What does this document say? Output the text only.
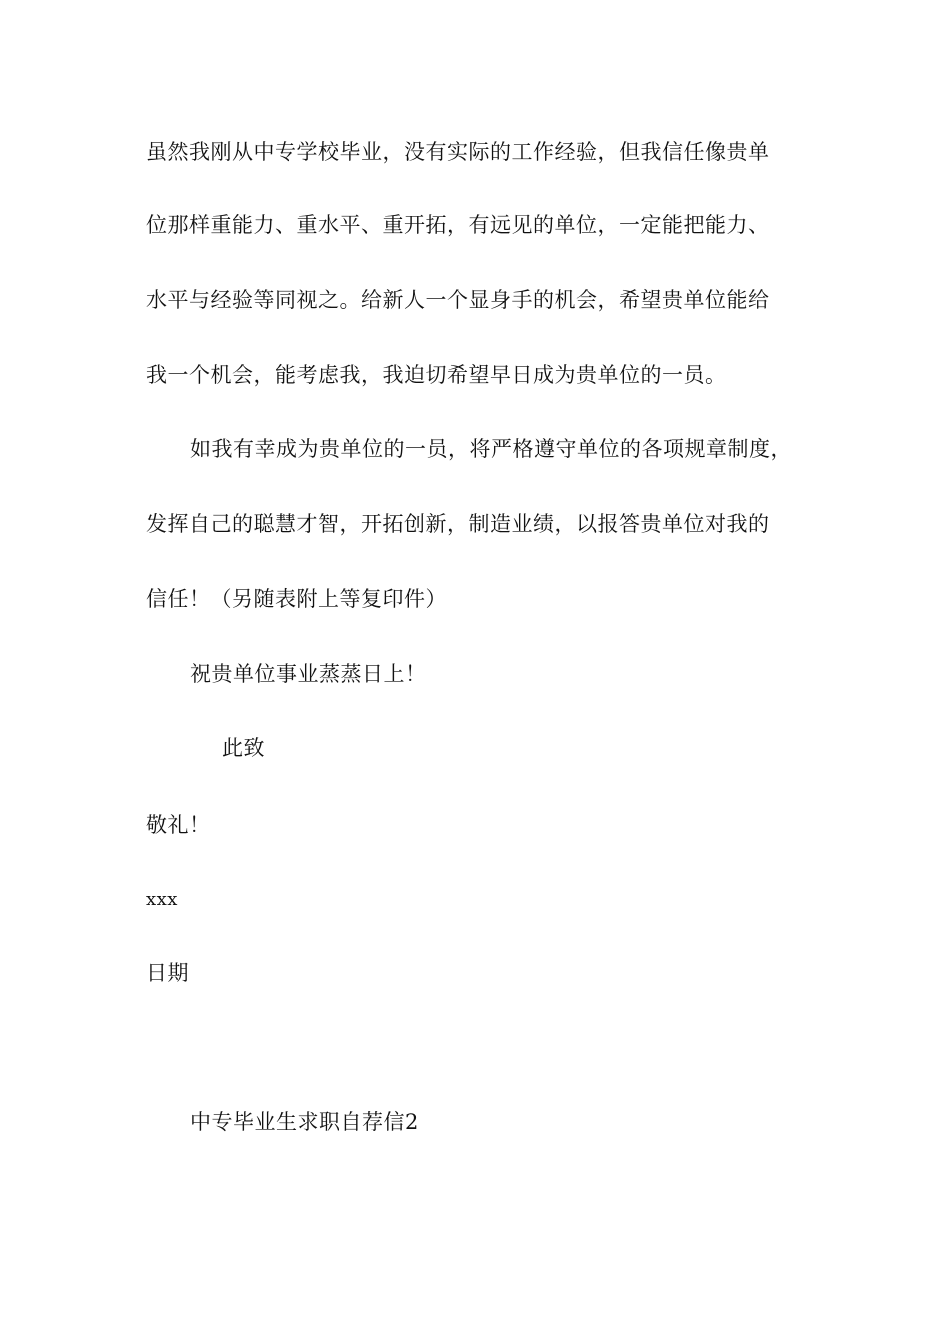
虽然我刚从中专学校毕业，没有实际的工作经验，但我信任像贵单
位那样重能力、重水平、重开拓，有远见的单位，一定能把能力、
水平与经验等同视之。给新人一个显身手的机会，希望贵单位能给
我一个机会，能考虑我，我迫切希望早日成为贵单位的一员。
如我有幸成为贵单位的一员，将严格遵守单位的各项规章制度，
发挥自己的聪慧才智，开拓创新，制造业绩，以报答贵单位对我的
信任！（另随表附上等复印件）
祝贵单位事业蒸蒸日上！
此致
敬礼！
xxx
日期
中专毕业生求职自荐信2
